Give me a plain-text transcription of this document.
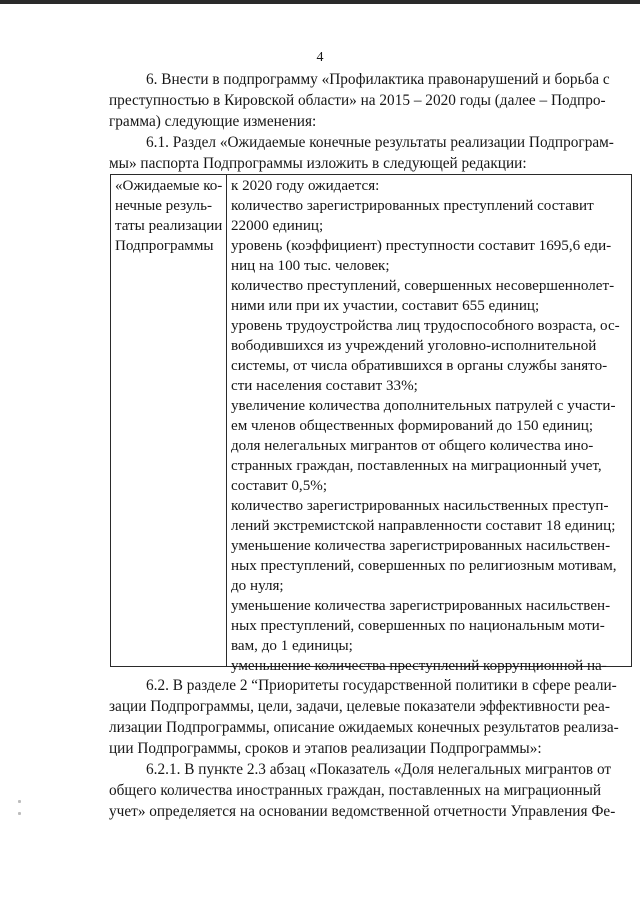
4
6. Внести в подпрограмму «Профилактика правонарушений и борьба с
преступностью в Кировской области» на 2015 – 2020 годы (далее – Подпро-
грамма) следующие изменения:
6.1. Раздел «Ожидаемые конечные результаты реализации Подпрограм-
мы» паспорта Подпрограммы изложить в следующей редакции:
«Ожидаемые ко-
нечные резуль-
таты реализации
Подпрограммы
к 2020 году ожидается:
количество зарегистрированных преступлений составит
22000 единиц;
уровень (коэффициент) преступности составит 1695,6 еди-
ниц на 100 тыс. человек;
количество преступлений, совершенных несовершеннолет-
ними или при их участии, составит 655 единиц;
уровень трудоустройства лиц трудоспособного возраста, ос-
вободившихся из учреждений уголовно-исполнительной
системы, от числа обратившихся в органы службы занято-
сти населения составит 33%;
увеличение количества дополнительных патрулей с участи-
ем членов общественных формирований до 150 единиц;
доля нелегальных мигрантов от общего количества ино-
странных граждан, поставленных на миграционный учет,
составит 0,5%;
количество зарегистрированных насильственных преступ-
лений экстремистской направленности составит 18 единиц;
уменьшение количества зарегистрированных насильствен-
ных преступлений, совершенных по религиозным мотивам,
до нуля;
уменьшение количества зарегистрированных насильствен-
ных преступлений, совершенных по национальным моти-
вам, до 1 единицы;
уменьшение количества преступлений коррупционной на-
6.2. В разделе 2 “Приоритеты государственной политики в сфере реали-
зации Подпрограммы, цели, задачи, целевые показатели эффективности реа-
лизации Подпрограммы, описание ожидаемых конечных результатов реализа-
ции Подпрограммы, сроков и этапов реализации Подпрограммы»:
6.2.1. В пункте 2.3 абзац «Показатель «Доля нелегальных мигрантов от
общего количества иностранных граждан, поставленных на миграционный
учет» определяется на основании ведомственной отчетности Управления Фе-
